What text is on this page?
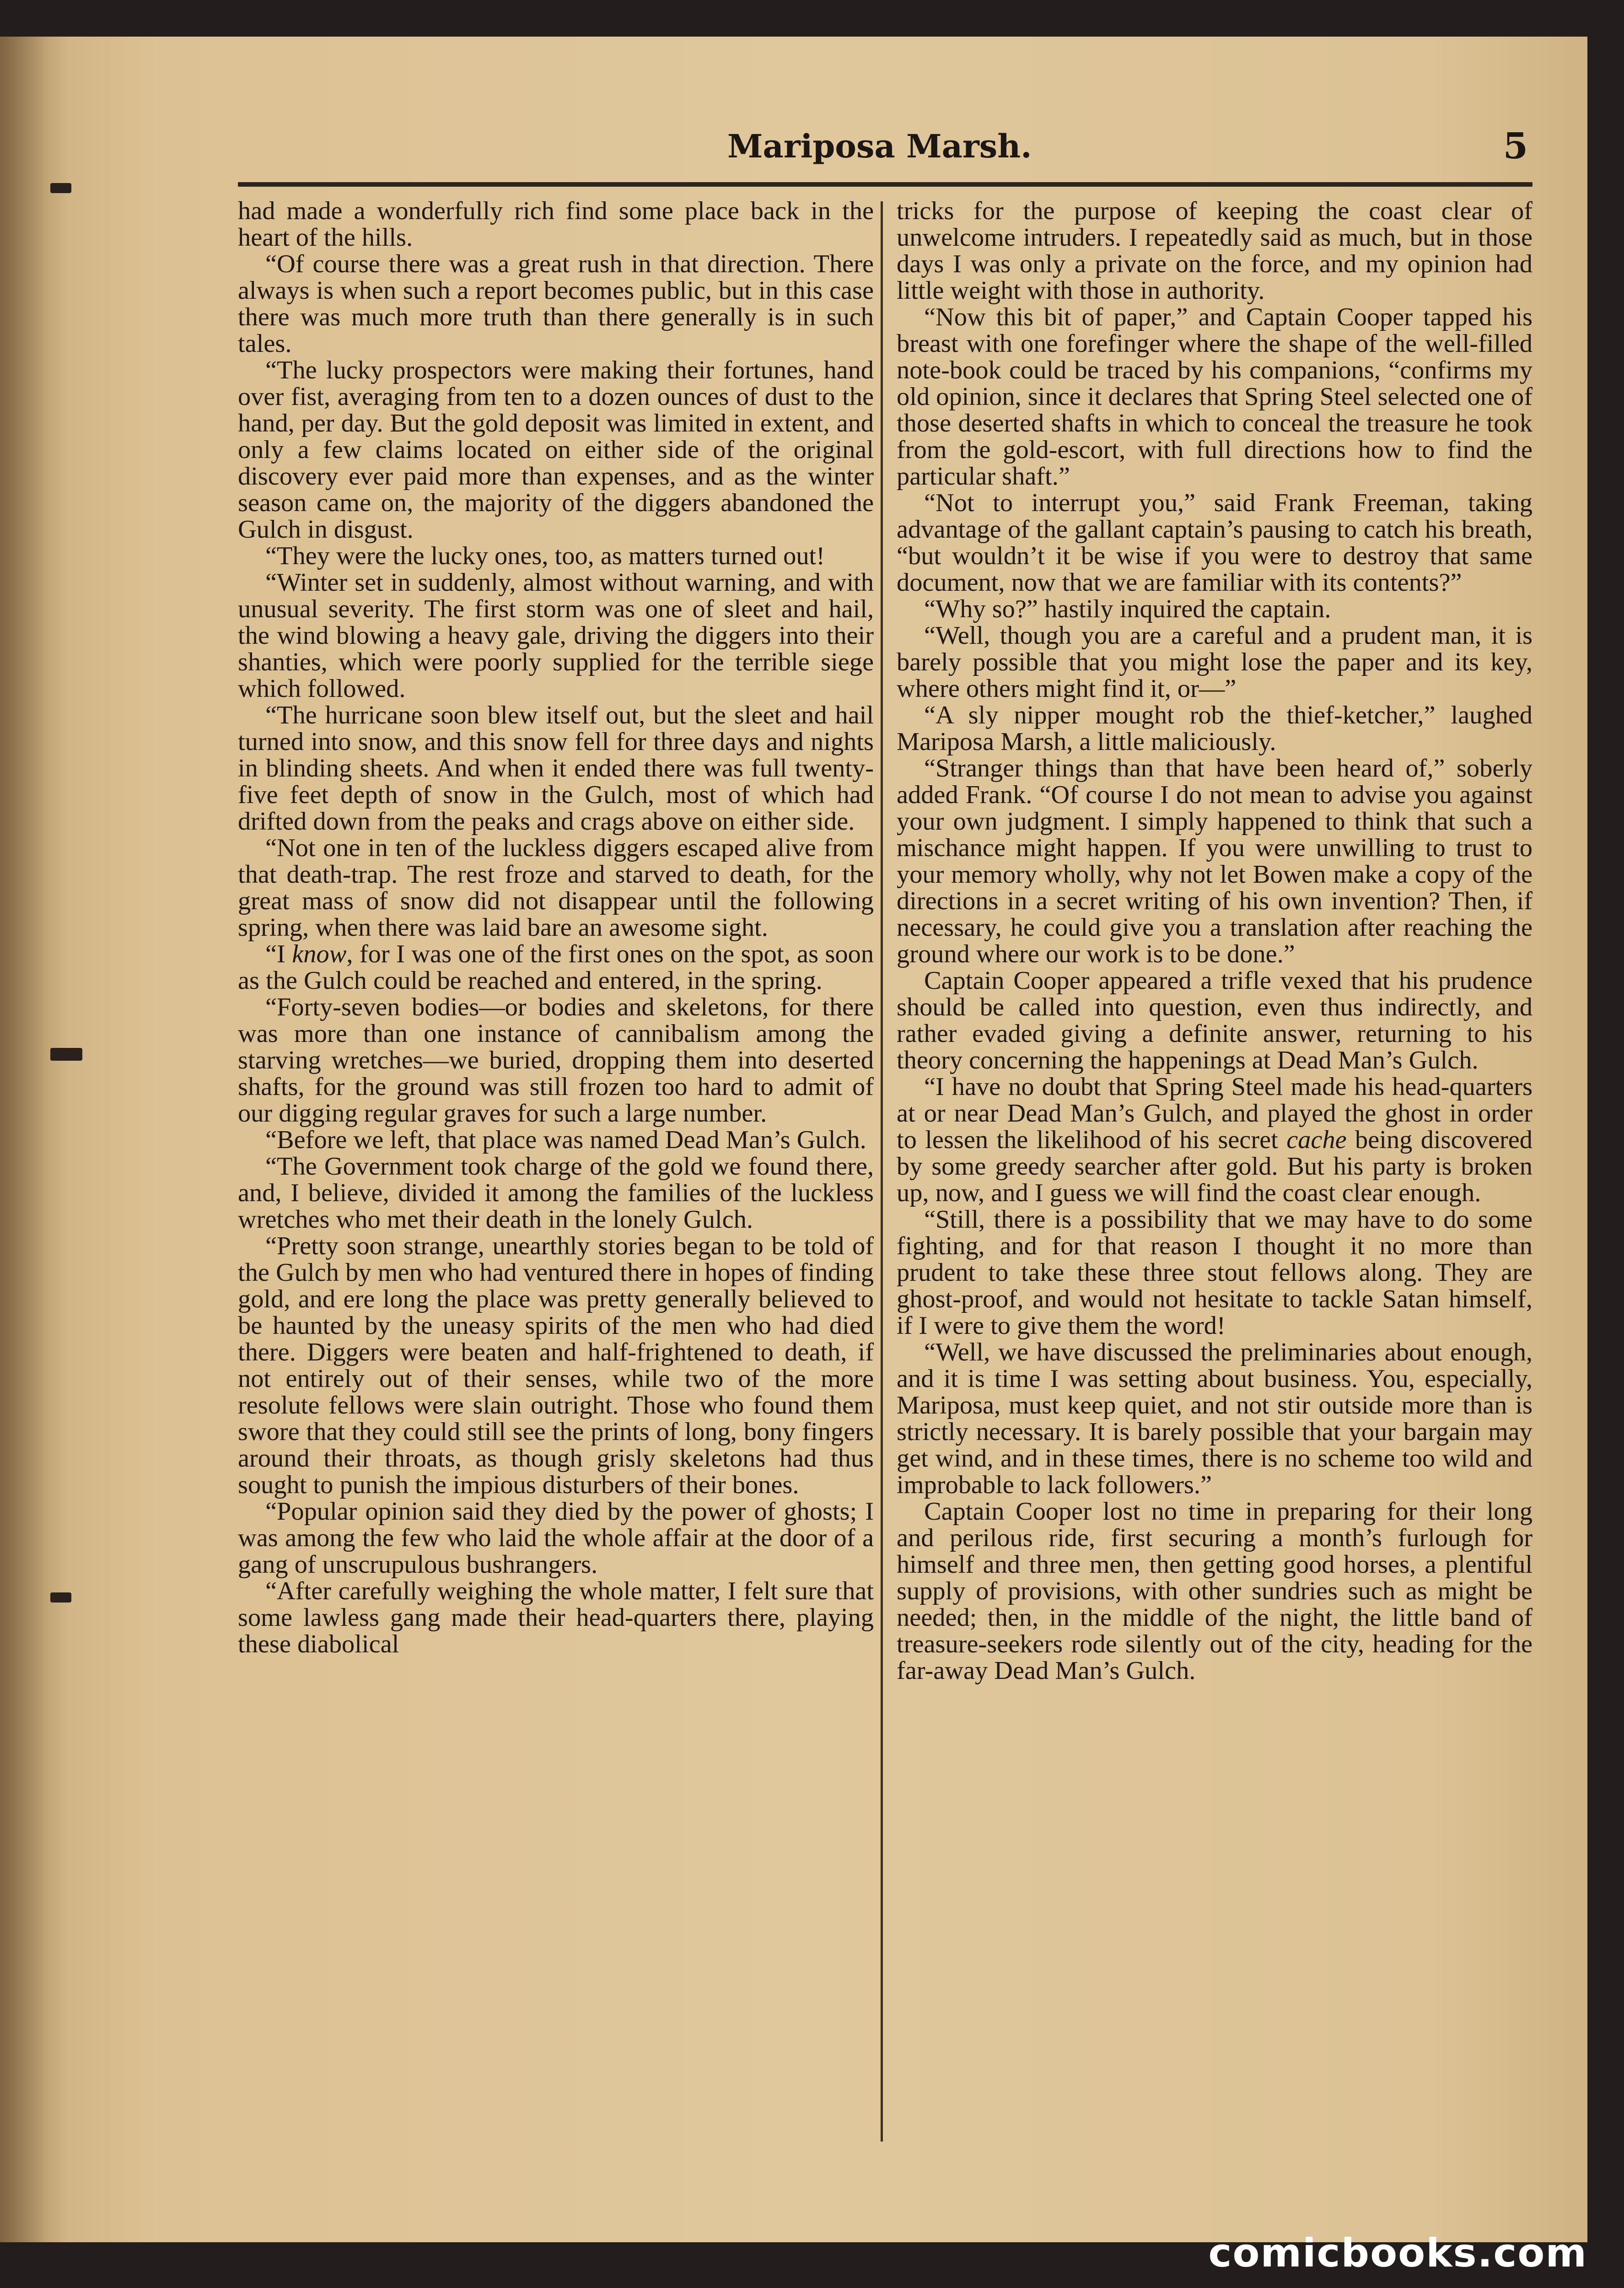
Mariposa Marsh.	5

had made a wonderfully rich find some place back in the heart of the hills.

“Of course there was a great rush in that direction. There always is when such a report becomes public, but in this case there was much more truth than there generally is in such tales.

“The lucky prospectors were making their fortunes, hand over fist, averaging from ten to a dozen ounces of dust to the hand, per day. But the gold deposit was limited in extent, and only a few claims located on either side of the original discovery ever paid more than expenses, and as the winter season came on, the majority of the diggers abandoned the Gulch in disgust.

“They were the lucky ones, too, as matters turned out!

“Winter set in suddenly, almost without warning, and with unusual severity. The first storm was one of sleet and hail, the wind blowing a heavy gale, driving the diggers into their shanties, which were poorly supplied for the terrible siege which followed.

“The hurricane soon blew itself out, but the sleet and hail turned into snow, and this snow fell for three days and nights in blinding sheets. And when it ended there was full twenty-five feet depth of snow in the Gulch, most of which had drifted down from the peaks and crags above on either side.

“Not one in ten of the luckless diggers escaped alive from that death-trap. The rest froze and starved to death, for the great mass of snow did not disappear until the following spring, when there was laid bare an awesome sight.

“I know, for I was one of the first ones on the spot, as soon as the Gulch could be reached and entered, in the spring.

“Forty-seven bodies—or bodies and skeletons, for there was more than one instance of cannibalism among the starving wretches—we buried, dropping them into deserted shafts, for the ground was still frozen too hard to admit of our digging regular graves for such a large number.

“Before we left, that place was named Dead Man’s Gulch.

“The Government took charge of the gold we found there, and, I believe, divided it among the families of the luckless wretches who met their death in the lonely Gulch.

“Pretty soon strange, unearthly stories began to be told of the Gulch by men who had ventured there in hopes of finding gold, and ere long the place was pretty generally believed to be haunted by the uneasy spirits of the men who had died there. Diggers were beaten and half-frightened to death, if not entirely out of their senses, while two of the more resolute fellows were slain outright. Those who found them swore that they could still see the prints of long, bony fingers around their throats, as though grisly skeletons had thus sought to punish the impious disturbers of their bones.

“Popular opinion said they died by the power of ghosts; I was among the few who laid the whole affair at the door of a gang of unscrupulous bushrangers.

“After carefully weighing the whole matter, I felt sure that some lawless gang made their head-quarters there, playing these diabolical

tricks for the purpose of keeping the coast clear of unwelcome intruders. I repeatedly said as much, but in those days I was only a private on the force, and my opinion had little weight with those in authority.

“Now this bit of paper,” and Captain Cooper tapped his breast with one forefinger where the shape of the well-filled note-book could be traced by his companions, “confirms my old opinion, since it declares that Spring Steel selected one of those deserted shafts in which to conceal the treasure he took from the gold-escort, with full directions how to find the particular shaft.”

“Not to interrupt you,” said Frank Freeman, taking advantage of the gallant captain’s pausing to catch his breath, “but wouldn’t it be wise if you were to destroy that same document, now that we are familiar with its contents?”

“Why so?” hastily inquired the captain.

“Well, though you are a careful and a prudent man, it is barely possible that you might lose the paper and its key, where others might find it, or—”

“A sly nipper mought rob the thief-ketcher,” laughed Mariposa Marsh, a little maliciously.

“Stranger things than that have been heard of,” soberly added Frank. “Of course I do not mean to advise you against your own judgment. I simply happened to think that such a mischance might happen. If you were unwilling to trust to your memory wholly, why not let Bowen make a copy of the directions in a secret writing of his own invention? Then, if necessary, he could give you a translation after reaching the ground where our work is to be done.”

Captain Cooper appeared a trifle vexed that his prudence should be called into question, even thus indirectly, and rather evaded giving a definite answer, returning to his theory concerning the happenings at Dead Man’s Gulch.

“I have no doubt that Spring Steel made his head-quarters at or near Dead Man’s Gulch, and played the ghost in order to lessen the likelihood of his secret cache being discovered by some greedy searcher after gold. But his party is broken up, now, and I guess we will find the coast clear enough.

“Still, there is a possibility that we may have to do some fighting, and for that reason I thought it no more than prudent to take these three stout fellows along. They are ghost-proof, and would not hesitate to tackle Satan himself, if I were to give them the word!

“Well, we have discussed the preliminaries about enough, and it is time I was setting about business. You, especially, Mariposa, must keep quiet, and not stir outside more than is strictly necessary. It is barely possible that your bargain may get wind, and in these times, there is no scheme too wild and improbable to lack followers.”

Captain Cooper lost no time in preparing for their long and perilous ride, first securing a month’s furlough for himself and three men, then getting good horses, a plentiful supply of provisions, with other sundries such as might be needed; then, in the middle of the night, the little band of treasure-seekers rode silently out of the city, heading for the far-away Dead Man’s Gulch.

comicbooks.com
